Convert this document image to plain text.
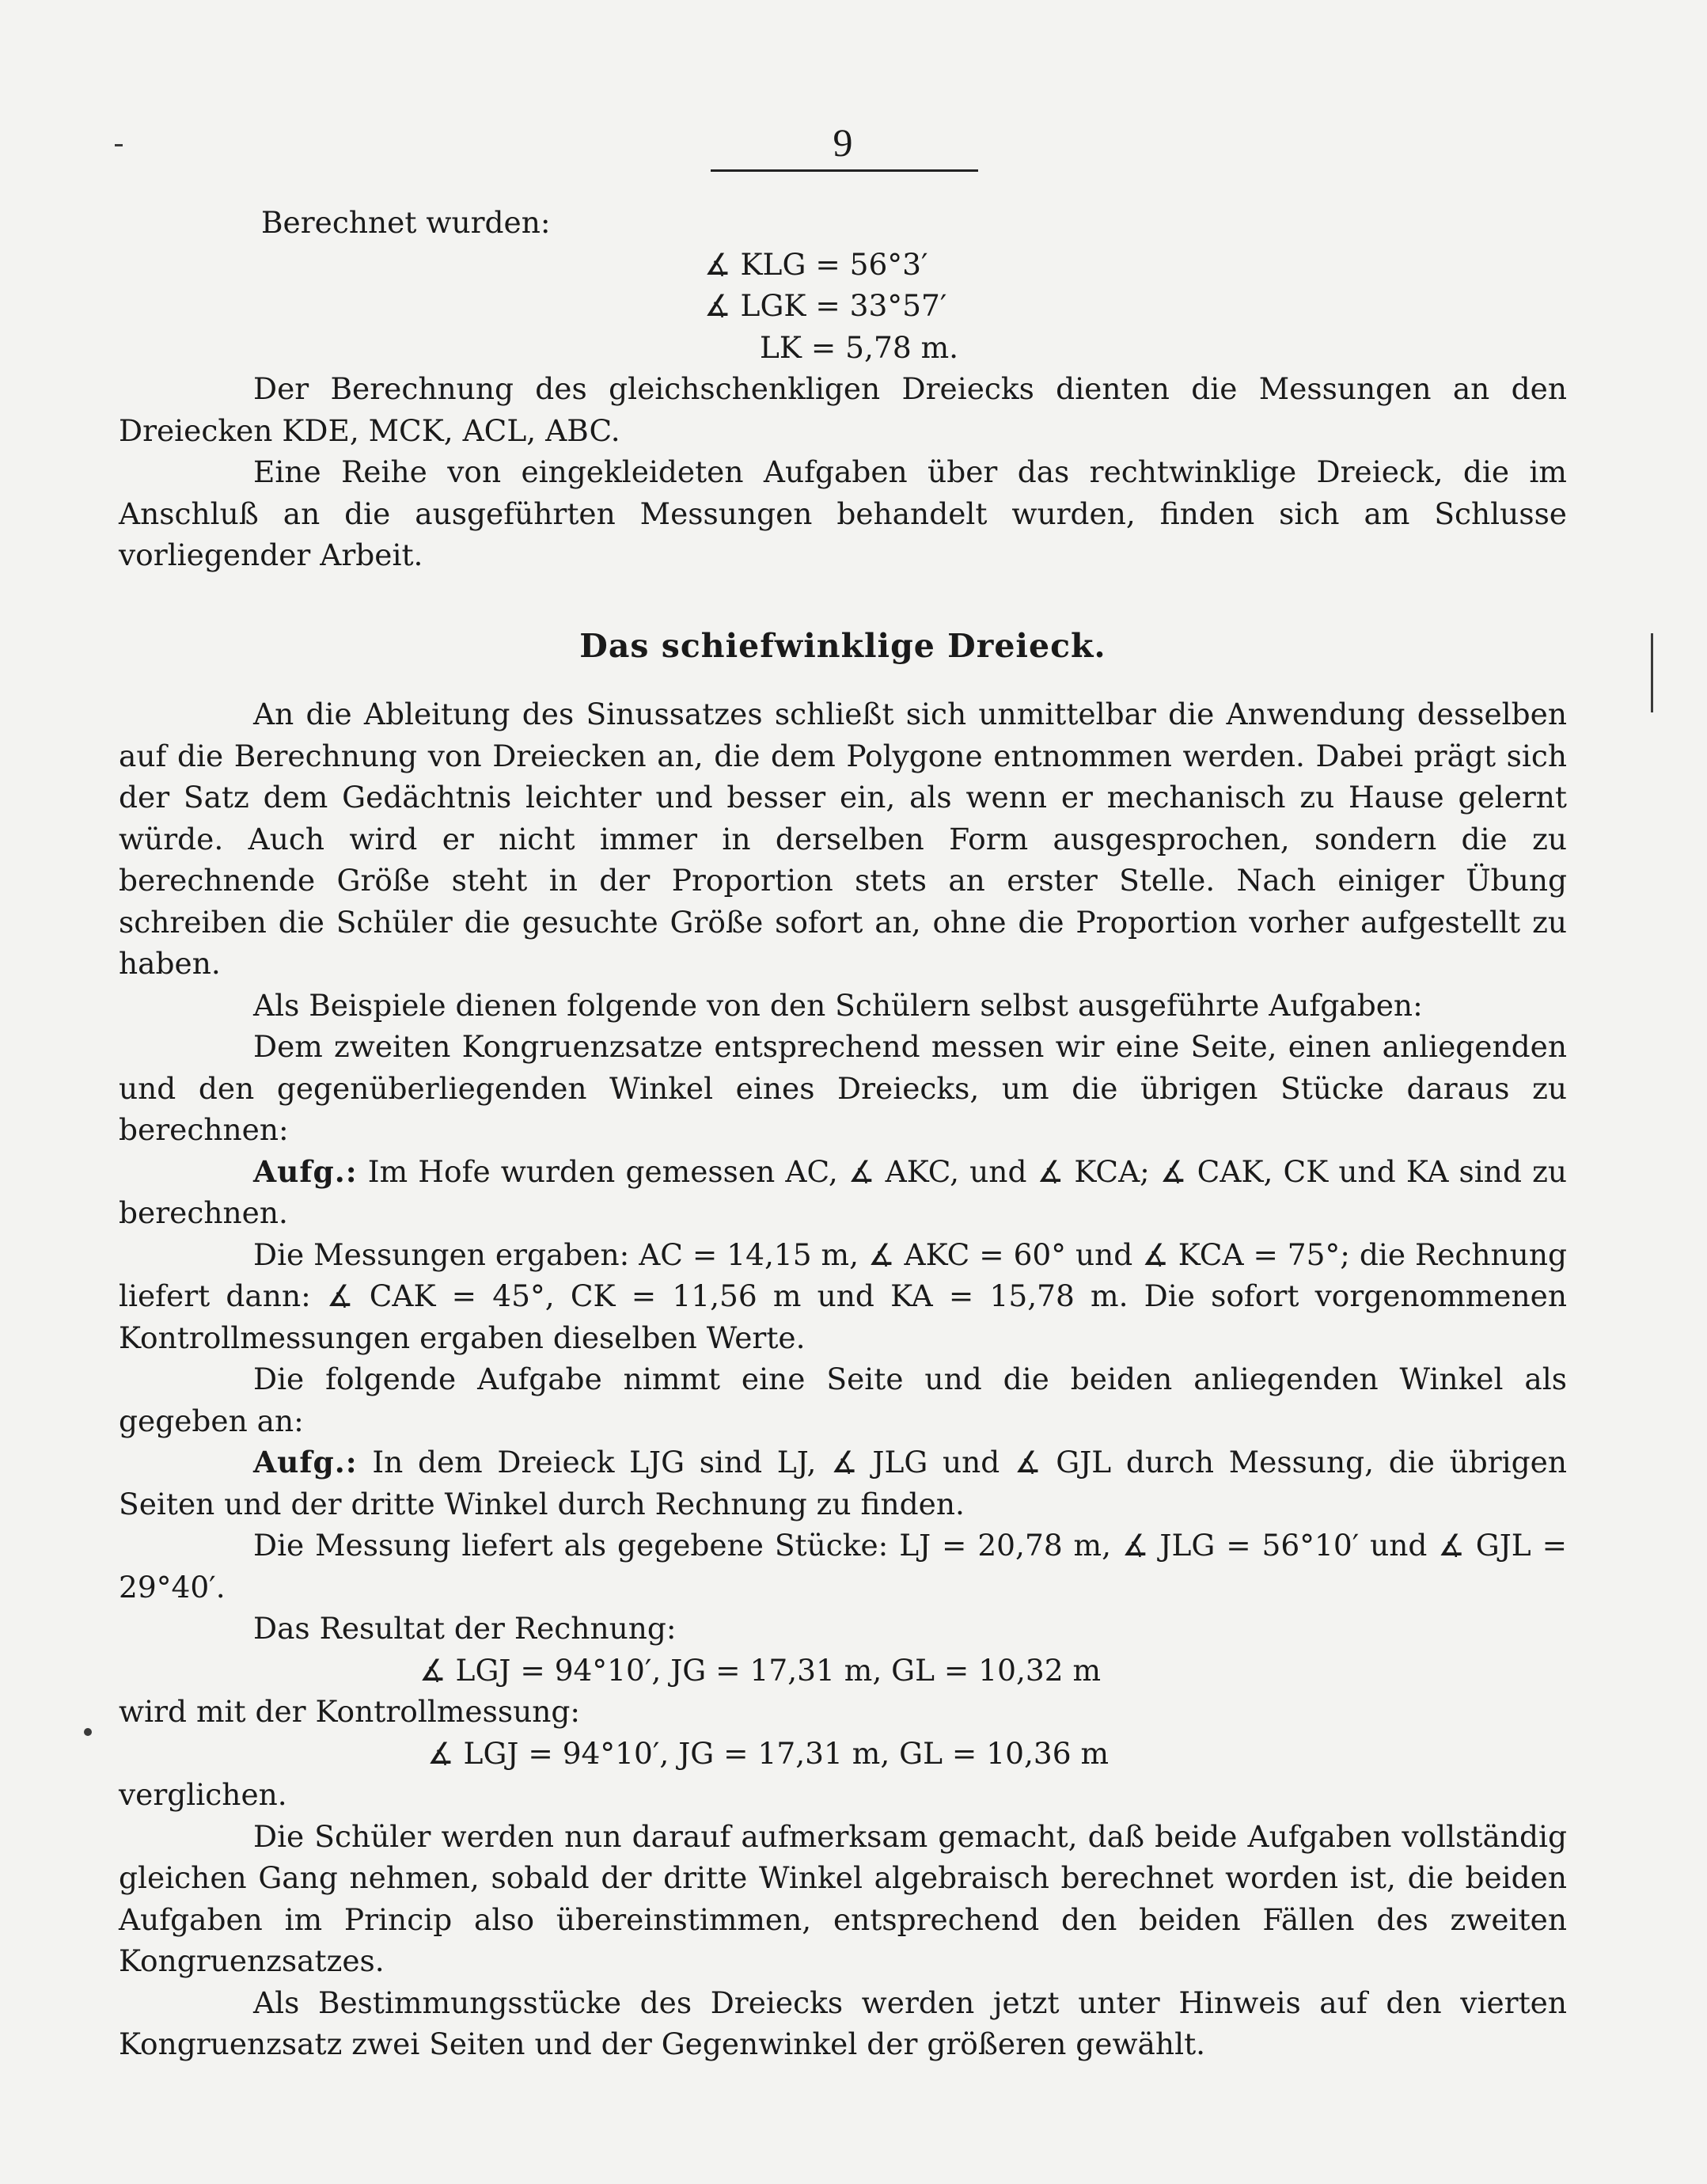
9

Berechnet wurden:

∡ KLG = 56°3′

∡ LGK = 33°57′

LK = 5,78 m.

Der Berechnung des gleichschenkligen Dreiecks dienten die Messungen an den Dreiecken KDE, MCK, ACL, ABC.

Eine Reihe von eingekleideten Aufgaben über das rechtwinklige Dreieck, die im Anschluß an die ausgeführten Messungen behandelt wurden, finden sich am Schlusse vorliegender Arbeit.

Das schiefwinklige Dreieck.

An die Ableitung des Sinussatzes schließt sich unmittelbar die Anwendung desselben auf die Berechnung von Dreiecken an, die dem Polygone entnommen werden. Dabei prägt sich der Satz dem Gedächtnis leichter und besser ein, als wenn er mechanisch zu Hause gelernt würde. Auch wird er nicht immer in derselben Form ausgesprochen, sondern die zu berechnende Größe steht in der Proportion stets an erster Stelle. Nach einiger Übung schreiben die Schüler die gesuchte Größe sofort an, ohne die Proportion vorher aufgestellt zu haben.

Als Beispiele dienen folgende von den Schülern selbst ausgeführte Aufgaben:

Dem zweiten Kongruenzsatze entsprechend messen wir eine Seite, einen anliegenden und den gegenüberliegenden Winkel eines Dreiecks, um die übrigen Stücke daraus zu berechnen:

Aufg.: Im Hofe wurden gemessen AC, ∡ AKC, und ∡ KCA; ∡ CAK, CK und KA sind zu berechnen.

Die Messungen ergaben: AC = 14,15 m, ∡ AKC = 60° und ∡ KCA = 75°; die Rechnung liefert dann: ∡ CAK = 45°, CK = 11,56 m und KA = 15,78 m. Die sofort vorgenommenen Kontrollmessungen ergaben dieselben Werte.

Die folgende Aufgabe nimmt eine Seite und die beiden anliegenden Winkel als gegeben an:

Aufg.: In dem Dreieck LJG sind LJ, ∡ JLG und ∡ GJL durch Messung, die übrigen Seiten und der dritte Winkel durch Rechnung zu finden.

Die Messung liefert als gegebene Stücke: LJ = 20,78 m, ∡ JLG = 56°10′ und ∡ GJL = 29°40′.

Das Resultat der Rechnung:

∡ LGJ = 94°10′, JG = 17,31 m, GL = 10,32 m

wird mit der Kontrollmessung:

∡ LGJ = 94°10′, JG = 17,31 m, GL = 10,36 m

verglichen.

Die Schüler werden nun darauf aufmerksam gemacht, daß beide Aufgaben vollständig gleichen Gang nehmen, sobald der dritte Winkel algebraisch berechnet worden ist, die beiden Aufgaben im Princip also übereinstimmen, entsprechend den beiden Fällen des zweiten Kongruenzsatzes.

Als Bestimmungsstücke des Dreiecks werden jetzt unter Hinweis auf den vierten Kongruenzsatz zwei Seiten und der Gegenwinkel der größeren gewählt.
